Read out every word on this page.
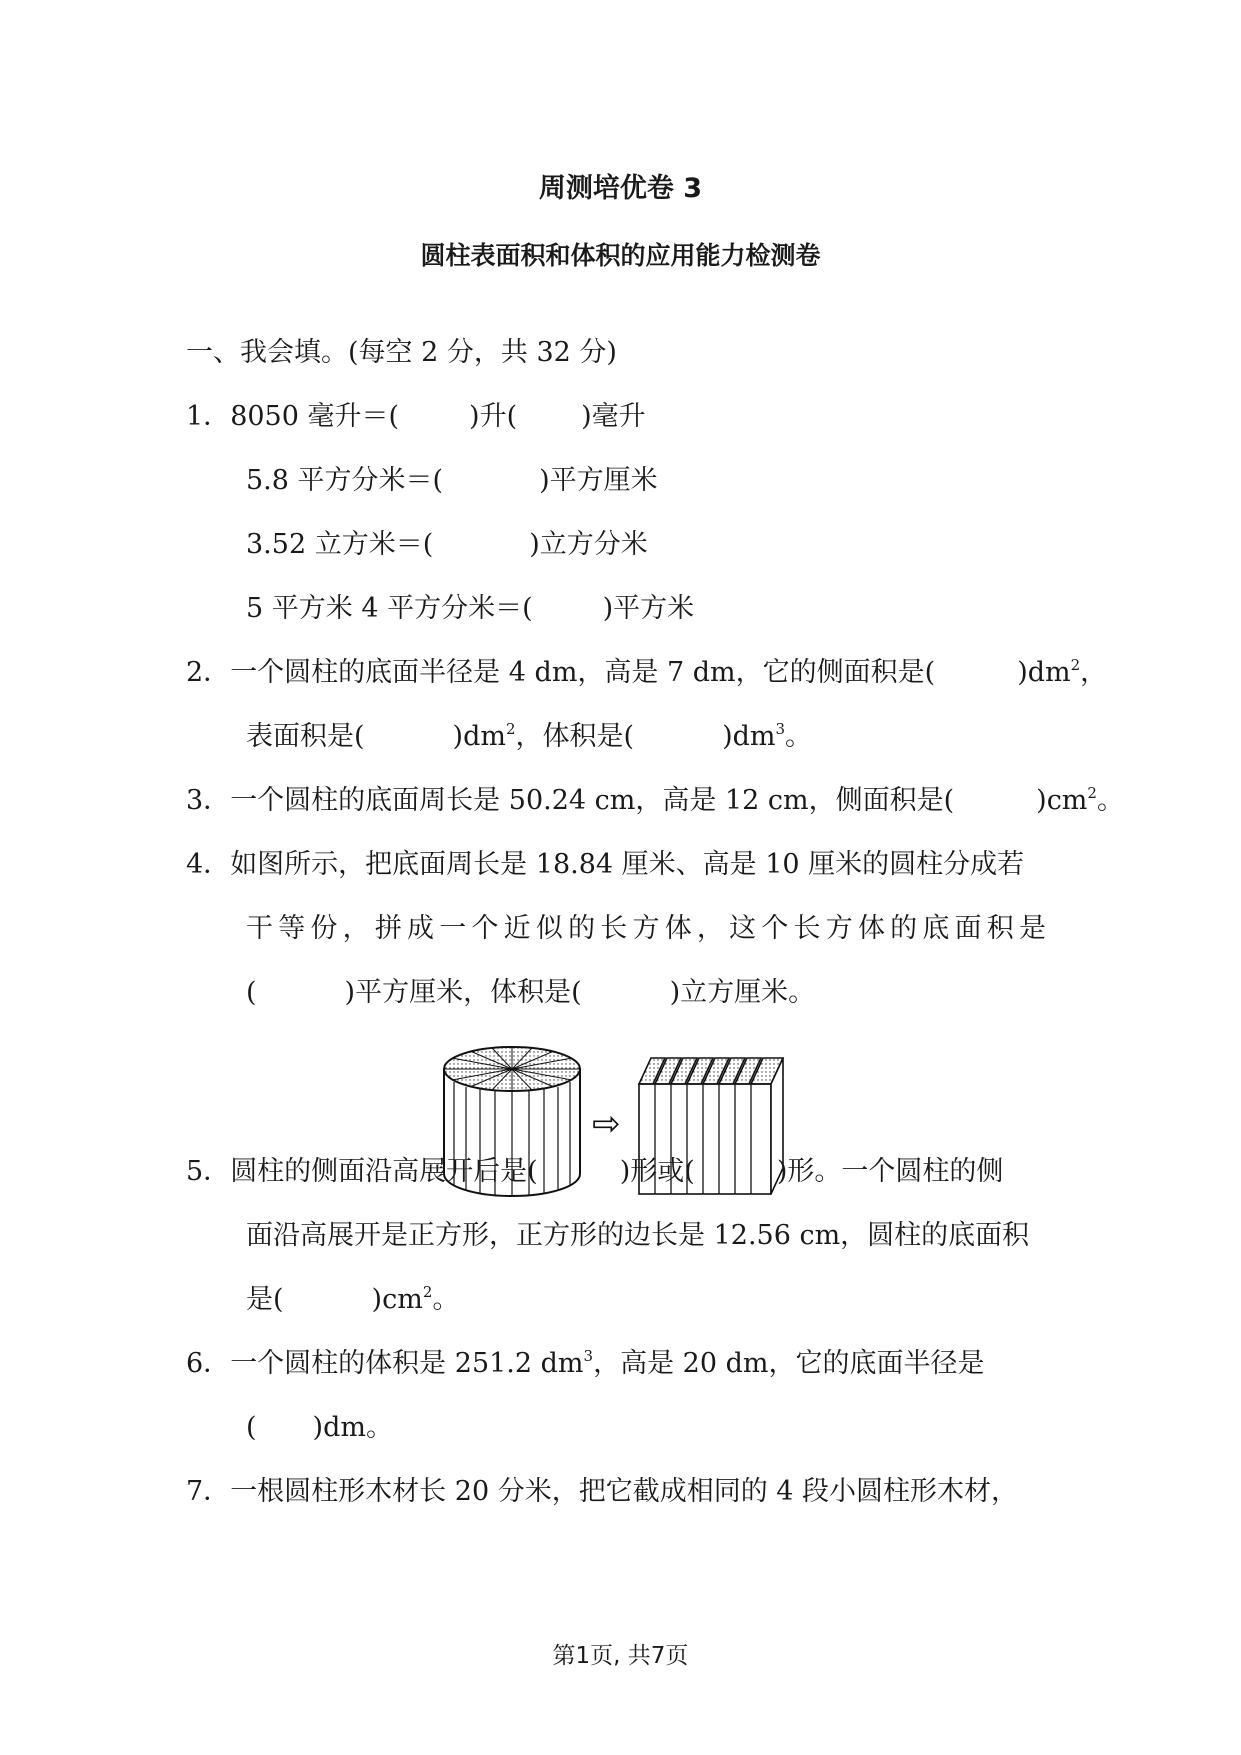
周测培优卷 3
圆柱表面积和体积的应用能力检测卷
一、我会填。(每空 2 分，共 32 分)
1．8050 毫升＝(	)升( )毫升
5.8 平方分米＝(	)平方厘米
3.52 立方米＝(	)立方分米
5 平方米 4 平方分米＝(	)平方米
2．一个圆柱的底面半径是 4 dm，高是 7 dm，它的侧面积是(	)$dm^2$，
表面积是(	)$dm^2$，体积是(	)$dm^3$。
3．一个圆柱的底面周长是 50.24 cm，高是 12 cm，侧面积是(	)$cm^2$。
4．如图所示，把底面周长是 18.84 厘米、高是 10 厘米的圆柱分成若
干等份，拼成一个近似的长方体，这个长方体的底面积是
(	)平方厘米，体积是(	)立方厘米。
⇨
5．圆柱的侧面沿高展开后是(	)形或(	)形。一个圆柱的侧
面沿高展开是正方形，正方形的边长是 12.56 cm，圆柱的底面积
是(	)$cm^2$。
6．一个圆柱的体积是 251.2 $dm^3$，高是 20 dm，它的底面半径是
( )dm。
7．一根圆柱形木材长 20 分米，把它截成相同的 4 段小圆柱形木材，
第1页, 共7页
